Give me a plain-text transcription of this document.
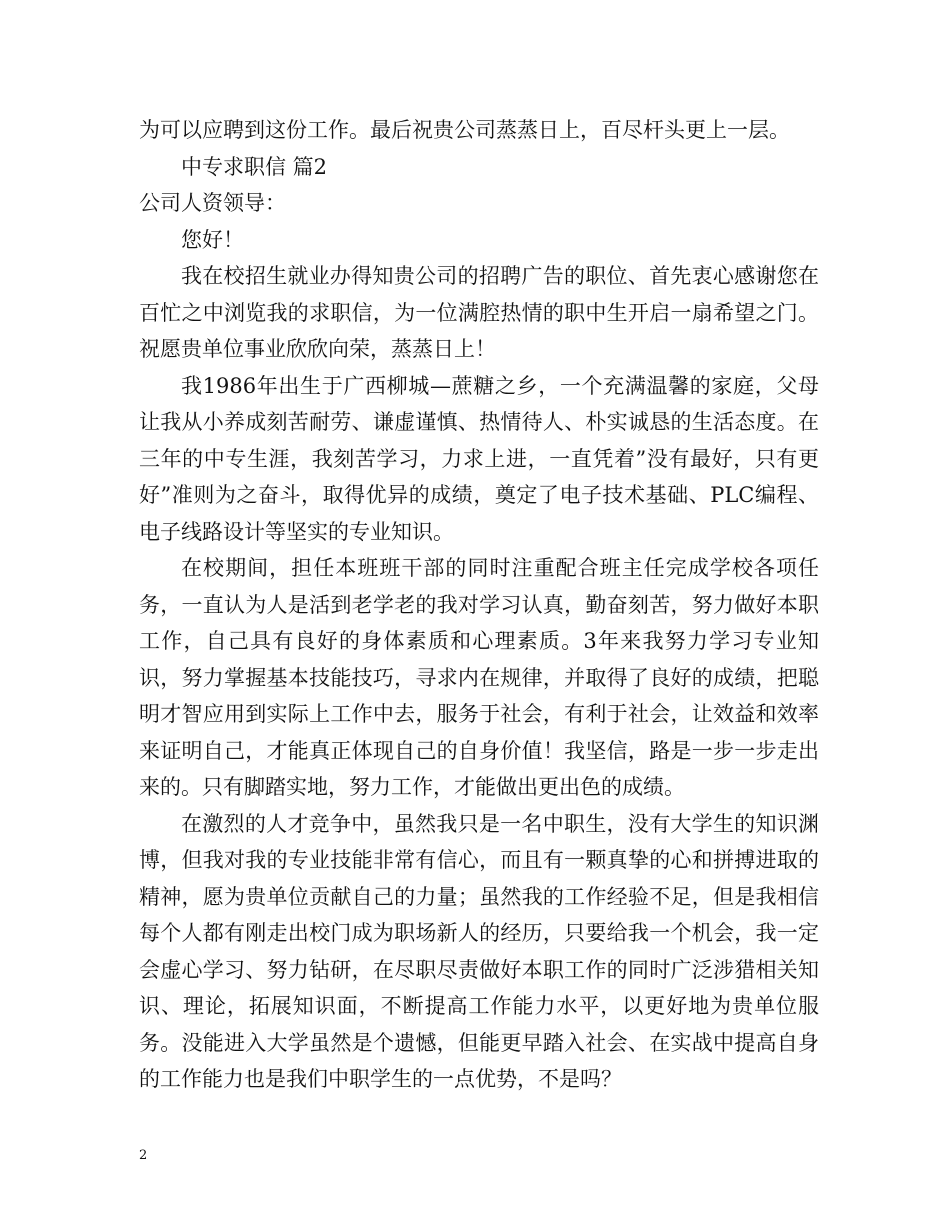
为可以应聘到这份工作。最后祝贵公司蒸蒸日上，百尽杆头更上一层。

中专求职信 篇2

公司人资领导：

您好！

我在校招生就业办得知贵公司的招聘广告的职位、首先衷心感谢您在百忙之中浏览我的求职信，为一位满腔热情的职中生开启一扇希望之门。祝愿贵单位事业欣欣向荣，蒸蒸日上！

我1986年出生于广西柳城—蔗糖之乡，一个充满温馨的家庭，父母让我从小养成刻苦耐劳、谦虚谨慎、热情待人、朴实诚恳的生活态度。在三年的中专生涯，我刻苦学习，力求上进，一直凭着”没有最好，只有更好”准则为之奋斗，取得优异的成绩，奠定了电子技术基础、PLC编程、电子线路设计等坚实的专业知识。

在校期间，担任本班班干部的同时注重配合班主任完成学校各项任务，一直认为人是活到老学老的我对学习认真，勤奋刻苦，努力做好本职工作，自己具有良好的身体素质和心理素质。3年来我努力学习专业知识，努力掌握基本技能技巧，寻求内在规律，并取得了良好的成绩，把聪明才智应用到实际上工作中去，服务于社会，有利于社会，让效益和效率来证明自己，才能真正体现自己的自身价值！我坚信，路是一步一步走出来的。只有脚踏实地，努力工作，才能做出更出色的成绩。

在激烈的人才竞争中，虽然我只是一名中职生，没有大学生的知识渊博，但我对我的专业技能非常有信心，而且有一颗真挚的心和拼搏进取的精神，愿为贵单位贡献自己的力量；虽然我的工作经验不足，但是我相信每个人都有刚走出校门成为职场新人的经历，只要给我一个机会，我一定会虚心学习、努力钻研，在尽职尽责做好本职工作的同时广泛涉猎相关知识、理论，拓展知识面，不断提高工作能力水平，以更好地为贵单位服务。没能进入大学虽然是个遗憾，但能更早踏入社会、在实战中提高自身的工作能力也是我们中职学生的一点优势，不是吗？

2
